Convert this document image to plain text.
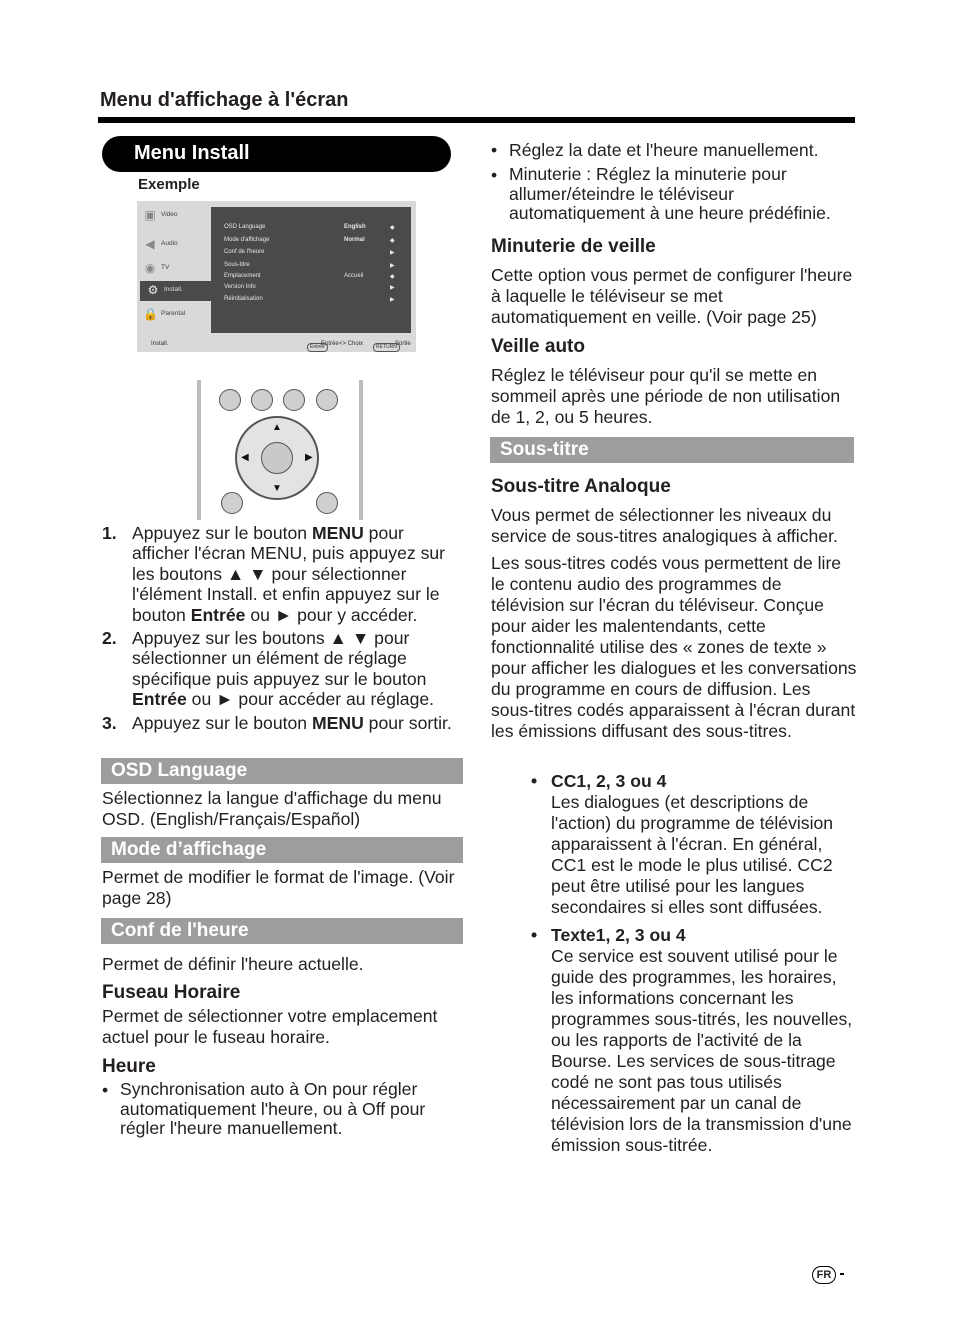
Menu d'affichage à l'écran
Menu Install
Exemple
▣ Video
◀ Audio
◉ TV
⚙ Install.
🔒 Parental
OSD Language	English	◆
Mode d'affichage	Normal	◆
Conf de l'heure	▶
Sous-titre	▶
Emplacement	Accueil	◆
Version Info	▶
Réinitialisation	▶
Install.	Entrée
Entrée <> Choix	RETURN
Sortie
▲
▼
◀	▶
1. Appuyez sur le bouton MENU pour afficher l'écran MENU, puis appuyez sur les boutons ▲ ▼ pour sélectionner l'élément Install. et enfin appuyez sur le bouton Entrée ou ► pour y accéder.
2. Appuyez sur les boutons ▲ ▼ pour sélectionner un élément de réglage spécifique puis appuyez sur le bouton Entrée ou ► pour accéder au réglage.
3. Appuyez sur le bouton MENU pour sortir.
OSD Language
Sélectionnez la langue d'affichage du menu OSD. (English/Français/Español)
Mode d’affichage
Permet de modifier le format de l'image. (Voir page 28)
Conf de l'heure
Permet de définir l'heure actuelle.
Fuseau Horaire
Permet de sélectionner votre emplacement actuel pour le fuseau horaire.
Heure
• Synchronisation auto à On pour régler automatiquement l'heure, ou à Off pour régler l'heure manuellement.
• Réglez la date et l'heure manuellement.
• Minuterie : Réglez la minuterie pour allumer/éteindre le téléviseur automatiquement à une heure prédéfinie.
Minuterie de veille
Cette option vous permet de configurer l'heure à laquelle le téléviseur se met automatiquement en veille. (Voir page 25)
Veille auto
Réglez le téléviseur pour qu'il se mette en sommeil après une période de non utilisation de 1, 2, ou 5 heures.
Sous-titre
Sous-titre Analoque
Vous permet de sélectionner les niveaux du service de sous-titres analogiques à afficher.
Les sous-titres codés vous permettent de lire le contenu audio des programmes de télévision sur l'écran du téléviseur. Conçue pour aider les malentendants, cette fonctionnalité utilise des « zones de texte » pour afficher les dialogues et les conversations du programme en cours de diffusion. Les sous-titres codés apparaissent à l'écran durant les émissions diffusant des sous-titres.
• CC1, 2, 3 ou 4
Les dialogues (et descriptions de l'action) du programme de télévision apparaissent à l'écran. En général, CC1 est le mode le plus utilisé. CC2 peut être utilisé pour les langues secondaires si elles sont diffusées.
• Texte1, 2, 3 ou 4
Ce service est souvent utilisé pour le guide des programmes, les horaires, les informations concernant les programmes sous-titrés, les nouvelles, ou les rapports de l'activité de la Bourse. Les services de sous-titrage codé ne sont pas tous utilisés nécessairement par un canal de télévision lors de la transmission d'une émission sous-titrée.
FR
